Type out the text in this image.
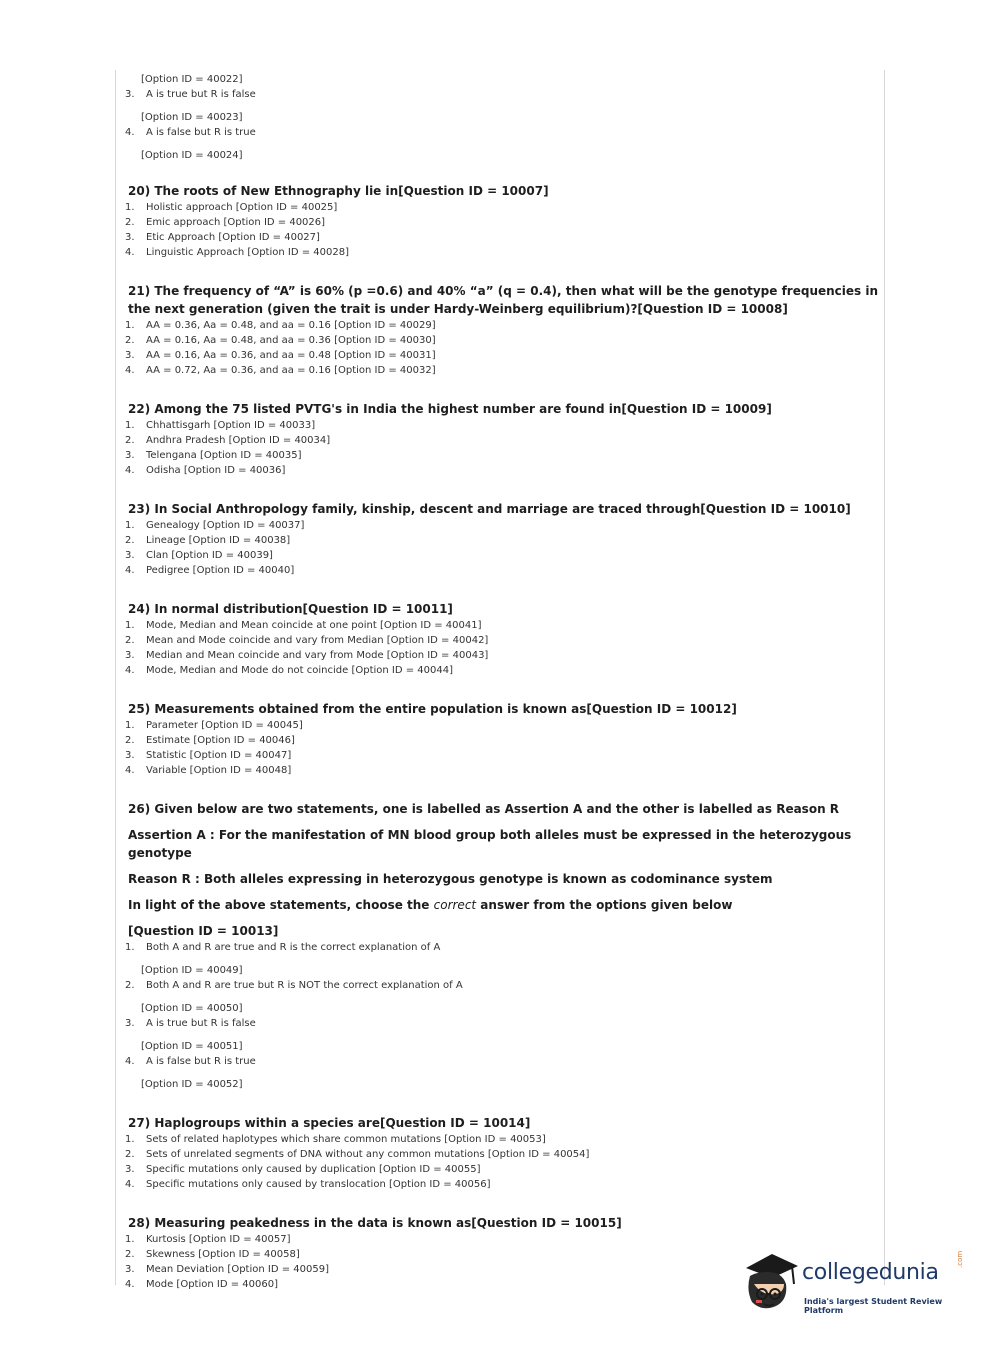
[Option ID = 40022]
3.	A is true but R is false
[Option ID = 40023]
4.	A is false but R is true
[Option ID = 40024]
20) The roots of New Ethnography lie in[Question ID = 10007]
1.	Holistic approach [Option ID = 40025]
2.	Emic approach [Option ID = 40026]
3.	Etic Approach [Option ID = 40027]
4.	Linguistic Approach [Option ID = 40028]
21) The frequency of “A” is 60% (p =0.6) and 40% “a” (q = 0.4), then what will be the genotype frequencies in the next generation (given the trait is under Hardy-Weinberg equilibrium)?[Question ID = 10008]
1.	AA = 0.36, Aa = 0.48, and aa = 0.16 [Option ID = 40029]
2.	AA = 0.16, Aa = 0.48, and aa = 0.36 [Option ID = 40030]
3.	AA = 0.16, Aa = 0.36, and aa = 0.48 [Option ID = 40031]
4.	AA = 0.72, Aa = 0.36, and aa = 0.16 [Option ID = 40032]
22) Among the 75 listed PVTG's in India the highest number are found in[Question ID = 10009]
1.	Chhattisgarh [Option ID = 40033]
2.	Andhra Pradesh [Option ID = 40034]
3.	Telengana [Option ID = 40035]
4.	Odisha [Option ID = 40036]
23) In Social Anthropology family, kinship, descent and marriage are traced through[Question ID = 10010]
1.	Genealogy [Option ID = 40037]
2.	Lineage [Option ID = 40038]
3.	Clan [Option ID = 40039]
4.	Pedigree [Option ID = 40040]
24) In normal distribution[Question ID = 10011]
1.	Mode, Median and Mean coincide at one point [Option ID = 40041]
2.	Mean and Mode coincide and vary from Median [Option ID = 40042]
3.	Median and Mean coincide and vary from Mode [Option ID = 40043]
4.	Mode, Median and Mode do not coincide [Option ID = 40044]
25) Measurements obtained from the entire population is known as[Question ID = 10012]
1.	Parameter [Option ID = 40045]
2.	Estimate [Option ID = 40046]
3.	Statistic [Option ID = 40047]
4.	Variable [Option ID = 40048]
26) Given below are two statements, one is labelled as Assertion A and the other is labelled as Reason R
Assertion A : For the manifestation of MN blood group both alleles must be expressed in the heterozygous genotype
Reason R : Both alleles expressing in heterozygous genotype is known as codominance system
In light of the above statements, choose the correct answer from the options given below
[Question ID = 10013]
1.	Both A and R are true and R is the correct explanation of A
[Option ID = 40049]
2.	Both A and R are true but R is NOT the correct explanation of A
[Option ID = 40050]
3.	A is true but R is false
[Option ID = 40051]
4.	A is false but R is true
[Option ID = 40052]
27) Haplogroups within a species are[Question ID = 10014]
1.	Sets of related haplotypes which share common mutations [Option ID = 40053]
2.	Sets of unrelated segments of DNA without any common mutations [Option ID = 40054]
3.	Specific mutations only caused by duplication [Option ID = 40055]
4.	Specific mutations only caused by translocation [Option ID = 40056]
28) Measuring peakedness in the data is known as[Question ID = 10015]
1.	Kurtosis [Option ID = 40057]
2.	Skewness [Option ID = 40058]
3.	Mean Deviation [Option ID = 40059]
4.	Mode [Option ID = 40060]	collegedunia
.com
India's largest Student Review Platform
